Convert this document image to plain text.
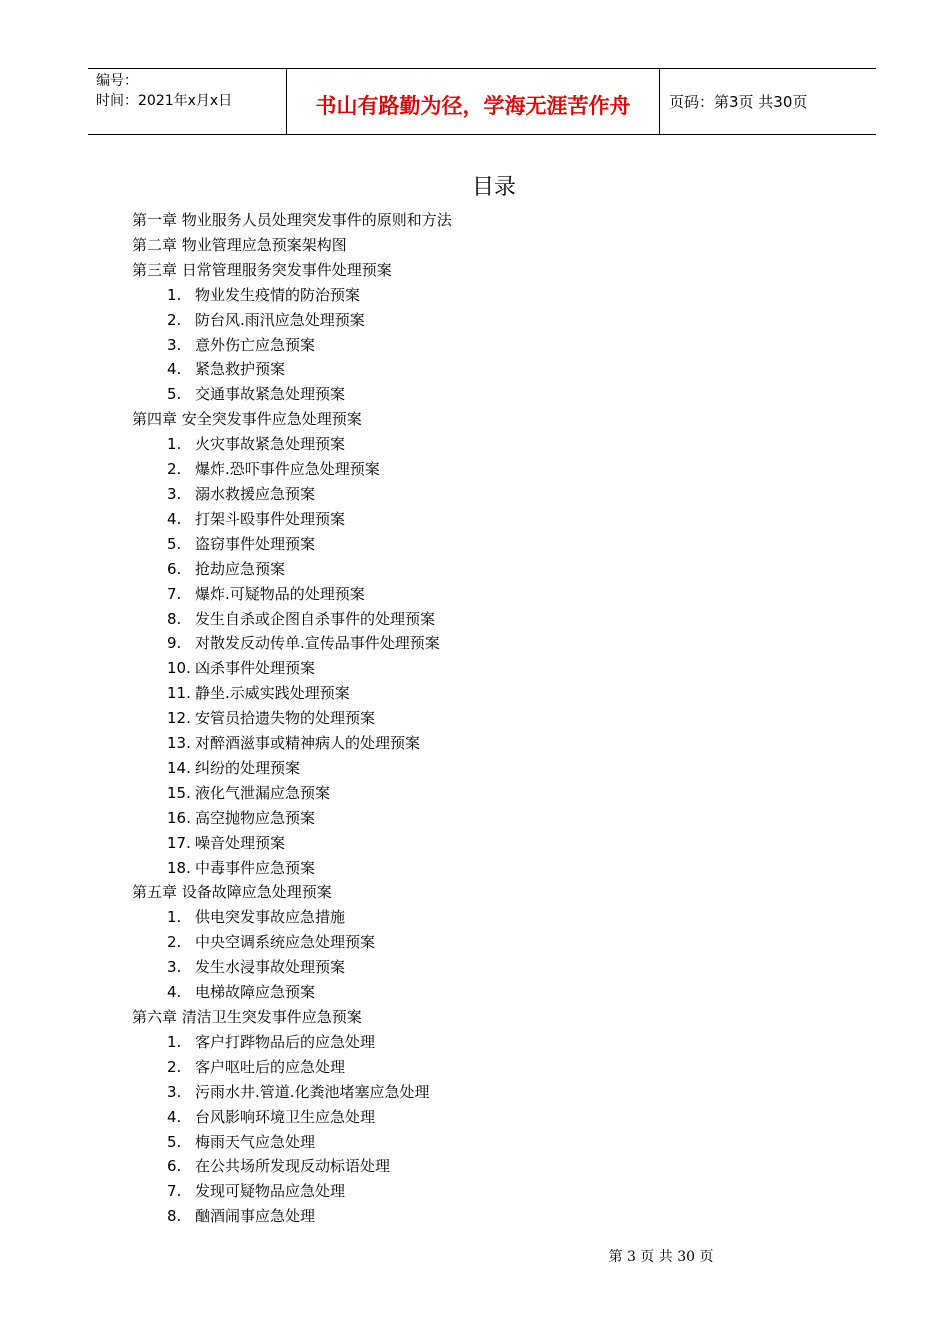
编号：
时间：2021年x月x日	书山有路勤为径，学海无涯苦作舟	页码：第3页 共30页
目录
第一章 物业服务人员处理突发事件的原则和方法
第二章 物业管理应急预案架构图
第三章 日常管理服务突发事件处理预案
1. 物业发生疫情的防治预案
2. 防台风.雨汛应急处理预案
3. 意外伤亡应急预案
4. 紧急救护预案
5. 交通事故紧急处理预案
第四章 安全突发事件应急处理预案
1. 火灾事故紧急处理预案
2. 爆炸.恐吓事件应急处理预案
3. 溺水救援应急预案
4. 打架斗殴事件处理预案
5. 盗窃事件处理预案
6. 抢劫应急预案
7. 爆炸.可疑物品的处理预案
8. 发生自杀或企图自杀事件的处理预案
9. 对散发反动传单.宣传品事件处理预案
10. 凶杀事件处理预案
11. 静坐.示威实践处理预案
12. 安管员拾遗失物的处理预案
13. 对醉酒滋事或精神病人的处理预案
14. 纠纷的处理预案
15. 液化气泄漏应急预案
16. 高空抛物应急预案
17. 噪音处理预案
18. 中毒事件应急预案
第五章 设备故障应急处理预案
1. 供电突发事故应急措施
2. 中央空调系统应急处理预案
3. 发生水浸事故处理预案
4. 电梯故障应急预案
第六章 清洁卫生突发事件应急预案
1. 客户打跸物品后的应急处理
2. 客户呕吐后的应急处理
3. 污雨水井.管道.化粪池堵塞应急处理
4. 台风影响环境卫生应急处理
5. 梅雨天气应急处理
6. 在公共场所发现反动标语处理
7. 发现可疑物品应急处理
8. 酗酒闹事应急处理
第 3 页 共 30 页
